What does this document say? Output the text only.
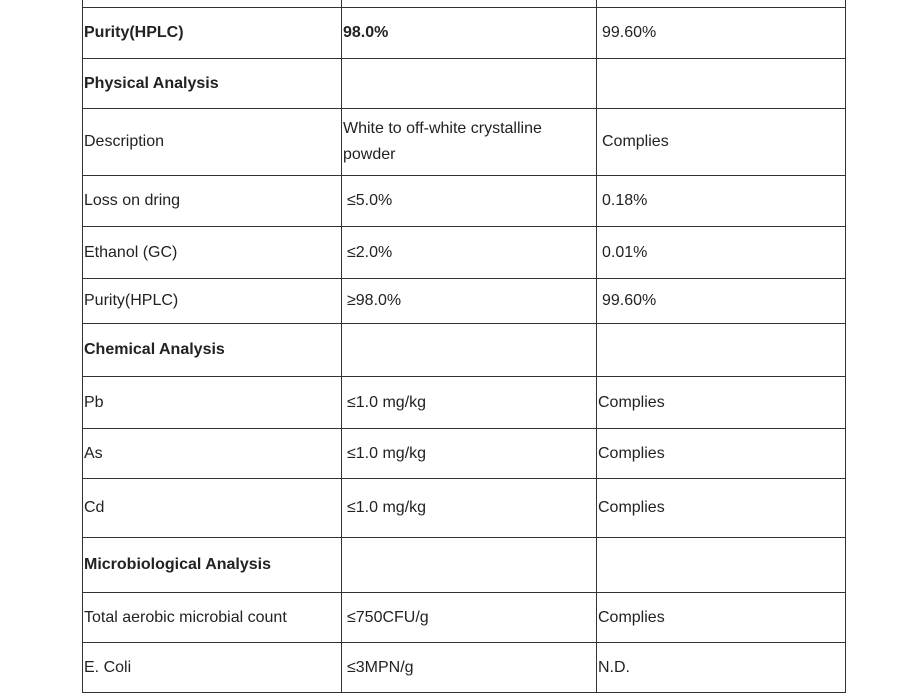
Purity(HPLC)	98.0%	99.60%
Physical Analysis		
Description	White to off-white crystalline powder	Complies
Loss on dring	≤5.0%	0.18%
Ethanol (GC)	≤2.0%	0.01%
Purity(HPLC)	≥98.0%	99.60%
Chemical Analysis		
Pb	≤1.0 mg/kg	Complies
As	≤1.0 mg/kg	Complies
Cd	≤1.0 mg/kg	Complies
Microbiological Analysis		
Total aerobic microbial count	≤750CFU/g	Complies
E. Coli	≤3MPN/g	N.D.
